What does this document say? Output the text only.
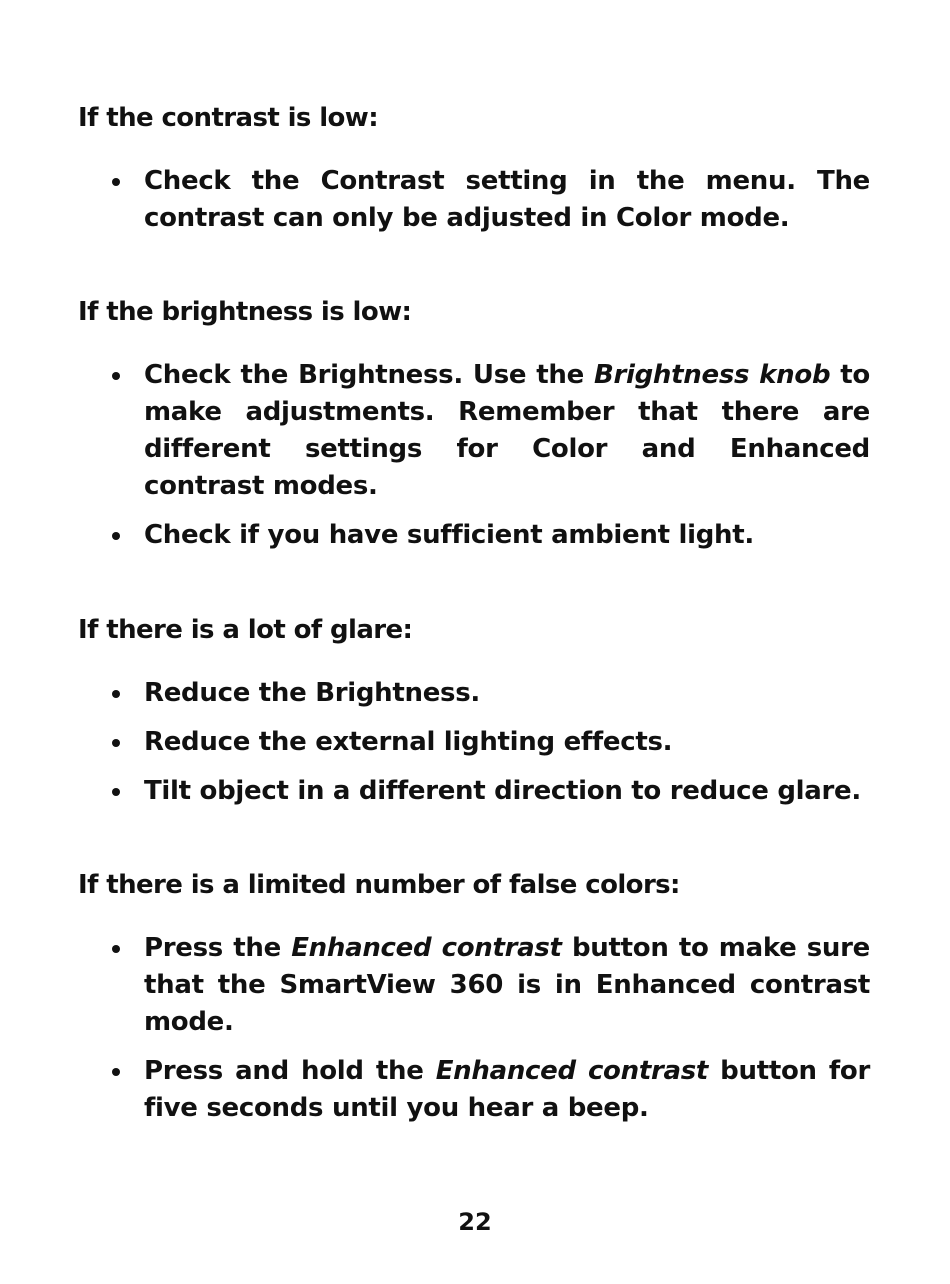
If the contrast is low:
Check the Contrast setting in the menu. The contrast can only be adjusted in Color mode.
If the brightness is low:
Check the Brightness. Use the Brightness knob to make adjustments. Remember that there are different settings for Color and Enhanced contrast modes.
Check if you have sufficient ambient light.
If there is a lot of glare:
Reduce the Brightness.
Reduce the external lighting effects.
Tilt object in a different direction to reduce glare.
If there is a limited number of false colors:
Press the Enhanced contrast button to make sure that the SmartView 360 is in Enhanced contrast mode.
Press and hold the Enhanced contrast button for five seconds until you hear a beep.
22
